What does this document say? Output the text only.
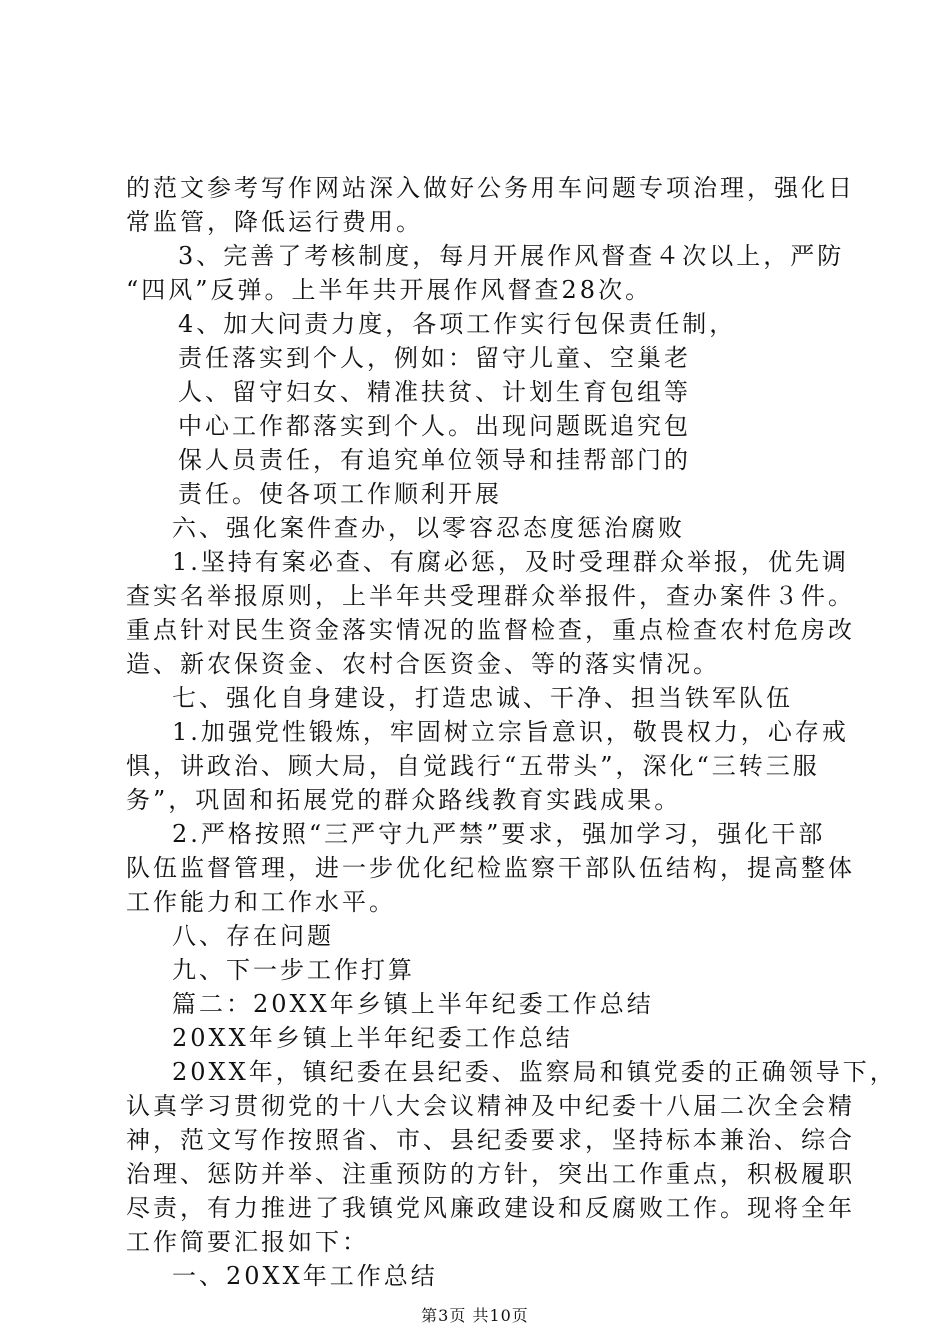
的范文参考写作网站深入做好公务用车问题专项治理，强化日
常监管，降低运行费用。
3、完善了考核制度，每月开展作风督查４次以上，严防
“四风”反弹。上半年共开展作风督查28次。
4、加大问责力度，各项工作实行包保责任制，
责任落实到个人，例如：留守儿童、空巢老
人、留守妇女、精准扶贫、计划生育包组等
中心工作都落实到个人。出现问题既追究包
保人员责任，有追究单位领导和挂帮部门的
责任。使各项工作顺利开展
六、强化案件查办，以零容忍态度惩治腐败
1.坚持有案必查、有腐必惩，及时受理群众举报，优先调
查实名举报原则，上半年共受理群众举报件，查办案件３件。
重点针对民生资金落实情况的监督检查，重点检查农村危房改
造、新农保资金、农村合医资金、等的落实情况。
七、强化自身建设，打造忠诚、干净、担当铁军队伍
1.加强党性锻炼，牢固树立宗旨意识，敬畏权力，心存戒
惧，讲政治、顾大局，自觉践行“五带头”，深化“三转三服
务”，巩固和拓展党的群众路线教育实践成果。
2.严格按照“三严守九严禁”要求，强加学习，强化干部
队伍监督管理，进一步优化纪检监察干部队伍结构，提高整体
工作能力和工作水平。
八、存在问题
九、下一步工作打算
篇二：20XX年乡镇上半年纪委工作总结
20XX年乡镇上半年纪委工作总结
20XX年，镇纪委在县纪委、监察局和镇党委的正确领导下，
认真学习贯彻党的十八大会议精神及中纪委十八届二次全会精
神，范文写作按照省、市、县纪委要求，坚持标本兼治、综合
治理、惩防并举、注重预防的方针，突出工作重点，积极履职
尽责，有力推进了我镇党风廉政建设和反腐败工作。现将全年
工作简要汇报如下：
一、20XX年工作总结
第3页 共10页
